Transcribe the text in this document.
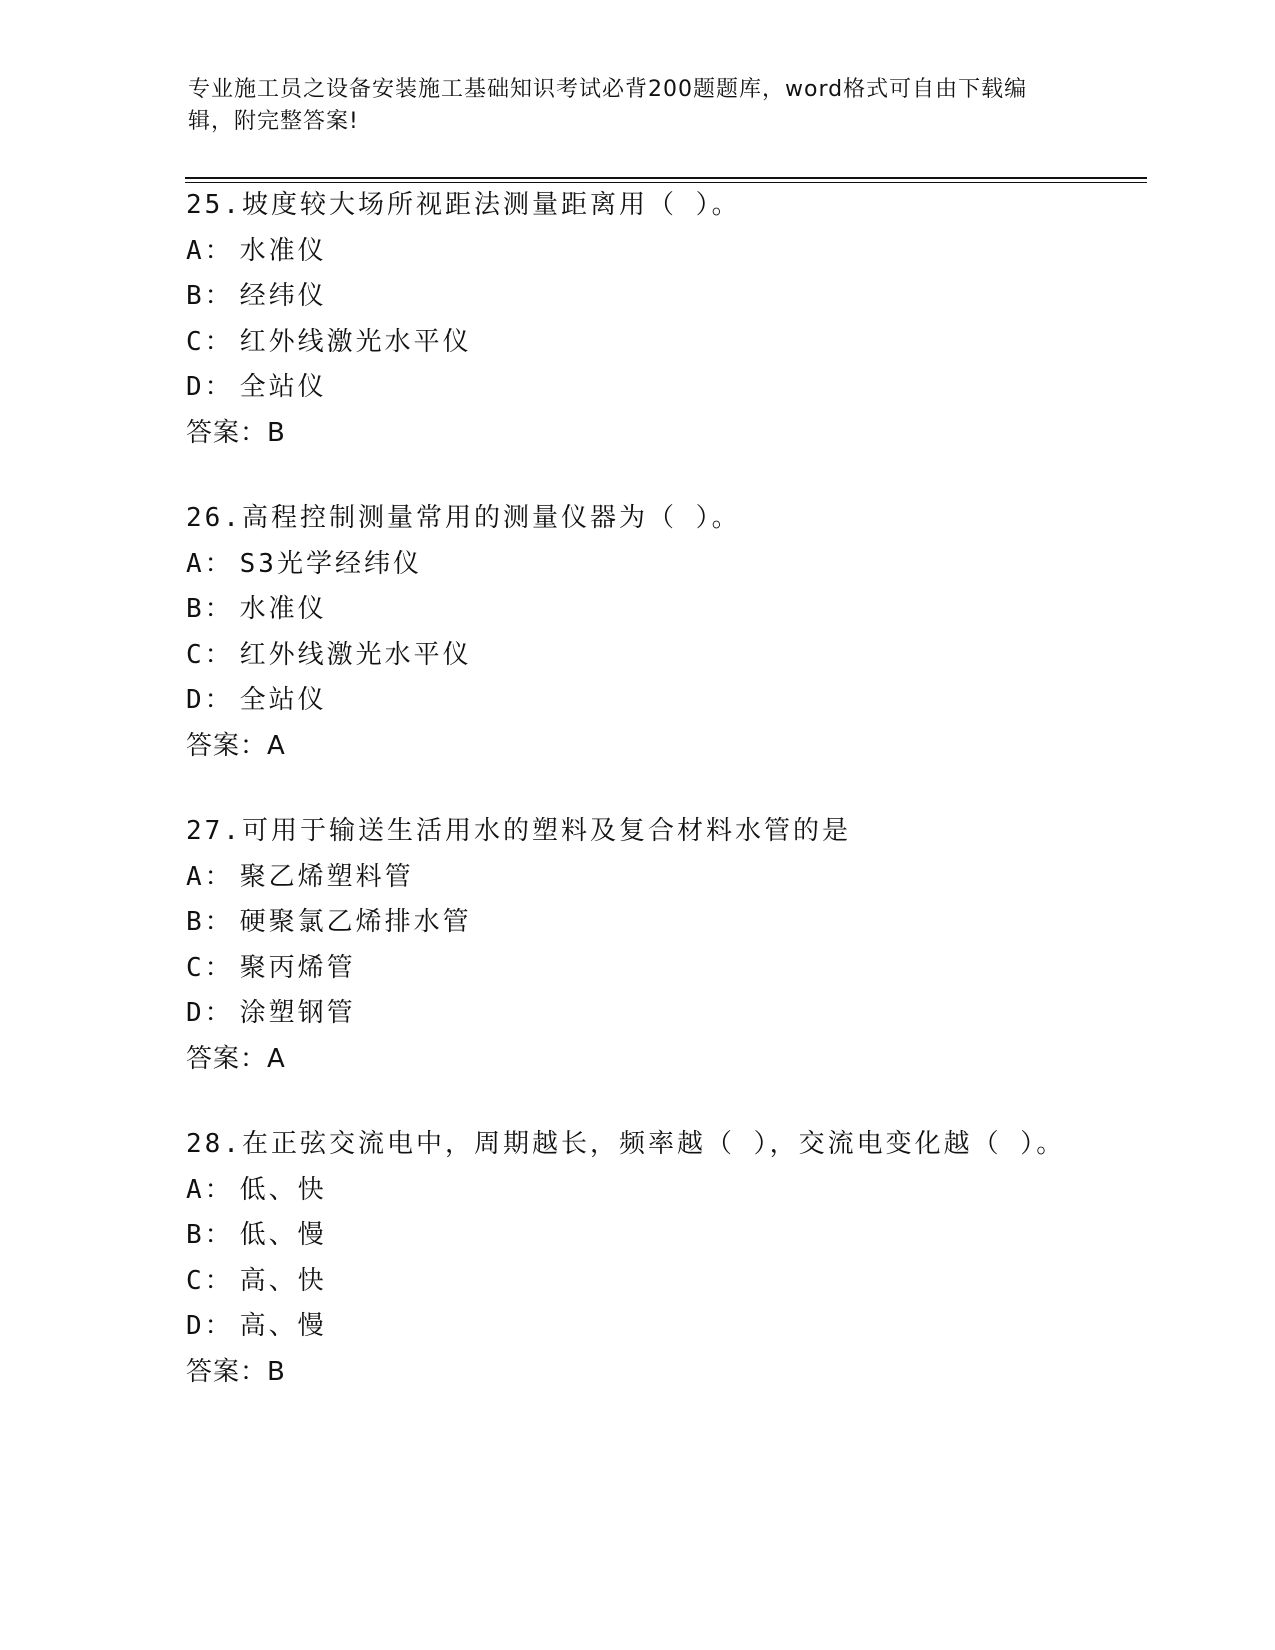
专业施工员之设备安装施工基础知识考试必背200题题库，word格式可自由下载编辑，附完整答案!
25.坡度较大场所视距法测量距离用（ ）。
A： 水准仪
B： 经纬仪
C： 红外线激光水平仪
D： 全站仪
答案：B
26.高程控制测量常用的测量仪器为（ ）。
A： S3光学经纬仪
B： 水准仪
C： 红外线激光水平仪
D： 全站仪
答案：A
27.可用于输送生活用水的塑料及复合材料水管的是
A： 聚乙烯塑料管
B： 硬聚氯乙烯排水管
C： 聚丙烯管
D： 涂塑钢管
答案：A
28.在正弦交流电中，周期越长，频率越（ ），交流电变化越（ ）。
A： 低、快
B： 低、慢
C： 高、快
D： 高、慢
答案：B
